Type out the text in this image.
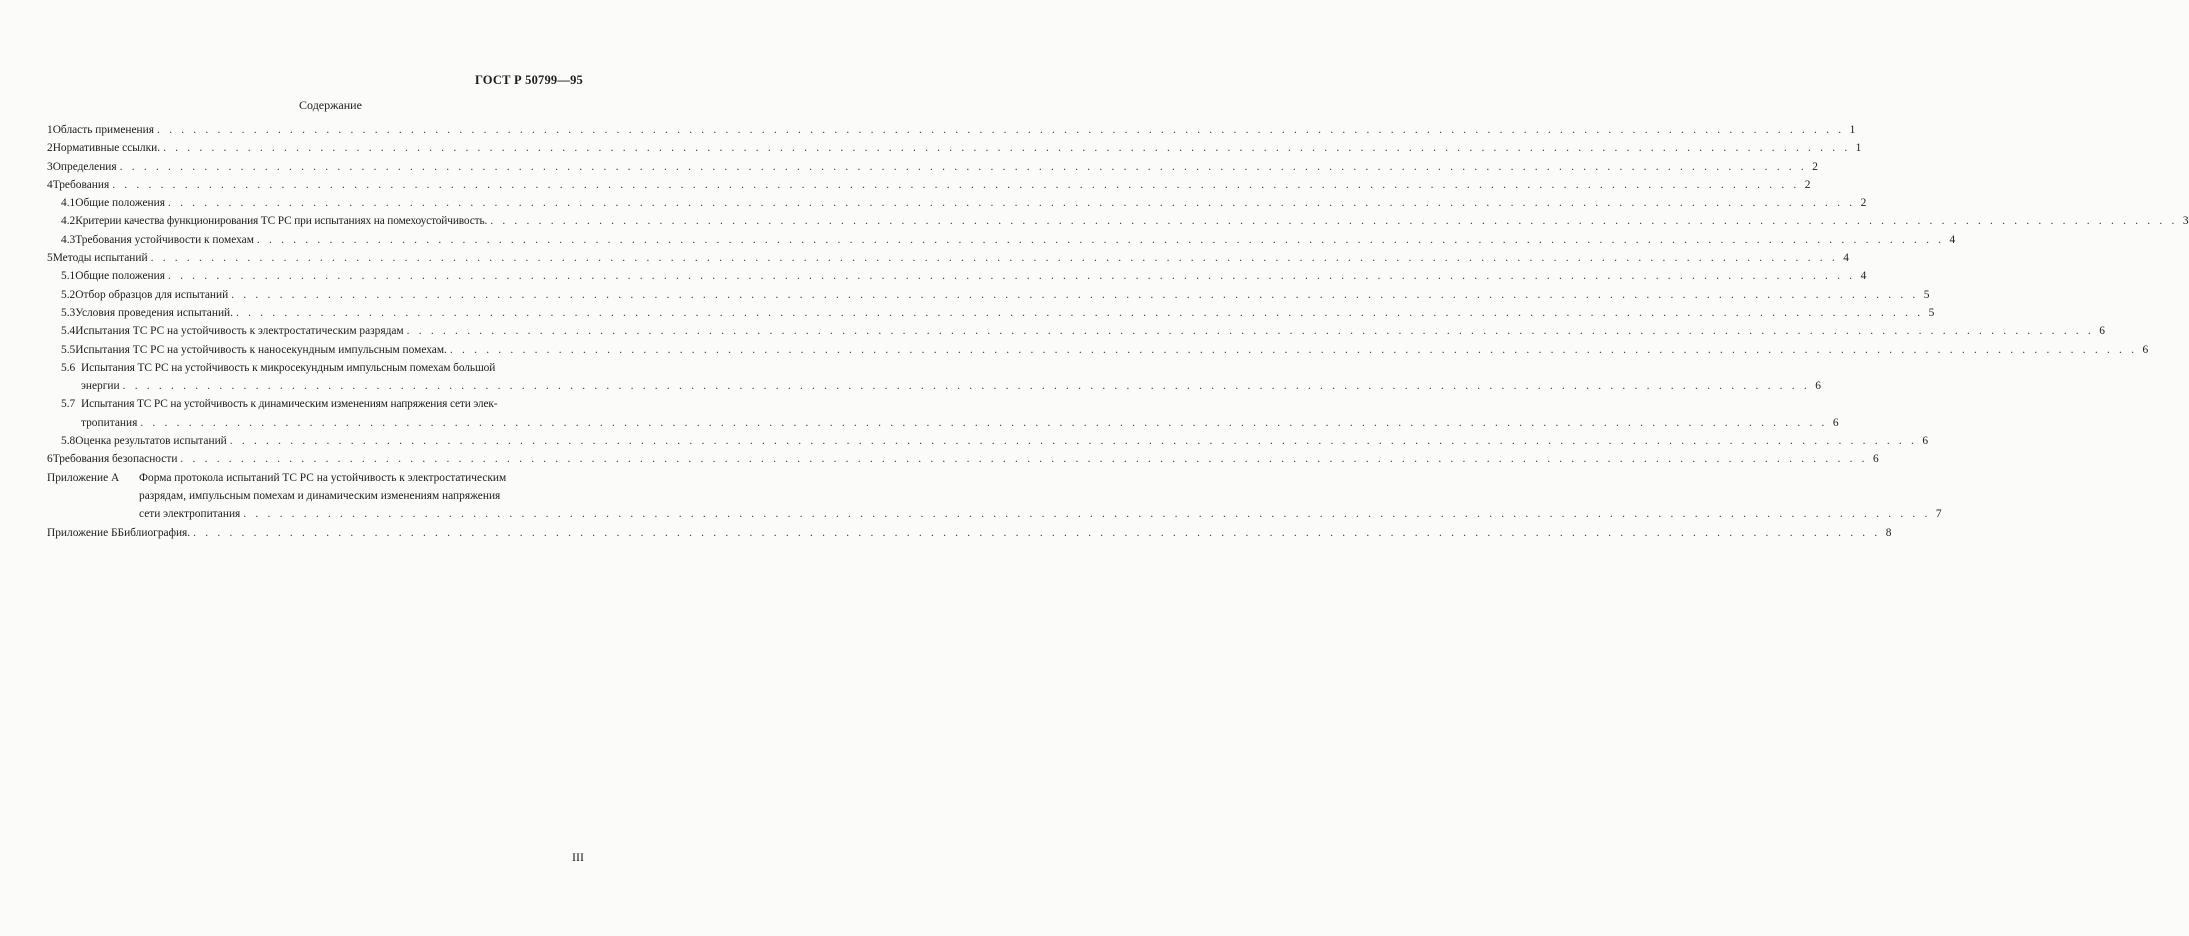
ГОСТ Р 50799—95
Содержание
1 Область применения . . .	1
2 Нормативные ссылки. . . .	1
3 Определения . . .	2
4 Требования . . .	2
4.1 Общие положения . . .	2
4.2 Критерии качества функционирования ТС РС при испытаниях на помехоустойчивость. . . .	3
4.3 Требования устойчивости к помехам . . .	4
5 Методы испытаний . . .	4
5.1 Общие положения . . .	4
5.2 Отбор образцов для испытаний . . .	5
5.3 Условия проведения испытаний. . . .	5
5.4 Испытания ТС РС на устойчивость к электростатическим разрядам . . .	6
5.5 Испытания ТС РС на устойчивость к наносекундным импульсным помехам. . . .	6
5.6 Испытания ТС РС на устойчивость к микросекундным импульсным помехам большой
энергии . . .	6
5.7 Испытания ТС РС на устойчивость к динамическим изменениям напряжения сети элек-
тропитания . . .	6
5.8 Оценка результатов испытаний . . .	6
6 Требования безопасности . . .	6
Приложение А	Форма протокола испытаний ТС РС на устойчивость к электростатическим
разрядам, импульсным помехам и динамическим изменениям напряжения
сети электропитания . . .	7
Приложение Б Библиография. . . .	8
III
